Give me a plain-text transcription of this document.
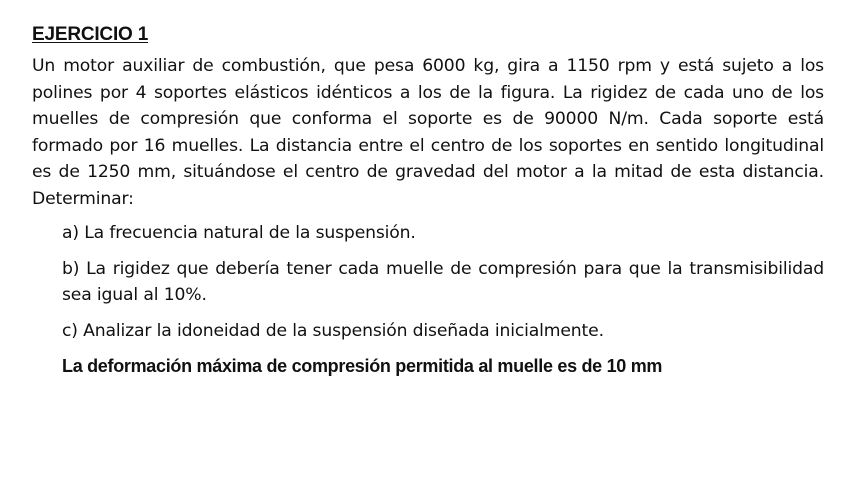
EJERCICIO 1

Un motor auxiliar de combustión, que pesa 6000 kg, gira a 1150 rpm y está sujeto a los polines por 4 soportes elásticos idénticos a los de la figura. La rigidez de cada uno de los muelles de compresión que conforma el soporte es de 90000 N/m. Cada soporte está formado por 16 muelles. La distancia entre el centro de los soportes en sentido longitudinal es de 1250 mm, situándose el centro de gravedad del motor a la mitad de esta distancia. Determinar:

a) La frecuencia natural de la suspensión.
b) La rigidez que debería tener cada muelle de compresión para que la transmisibilidad sea igual al 10%.
c) Analizar la idoneidad de la suspensión diseñada inicialmente.
La deformación máxima de compresión permitida al muelle es de 10 mm
